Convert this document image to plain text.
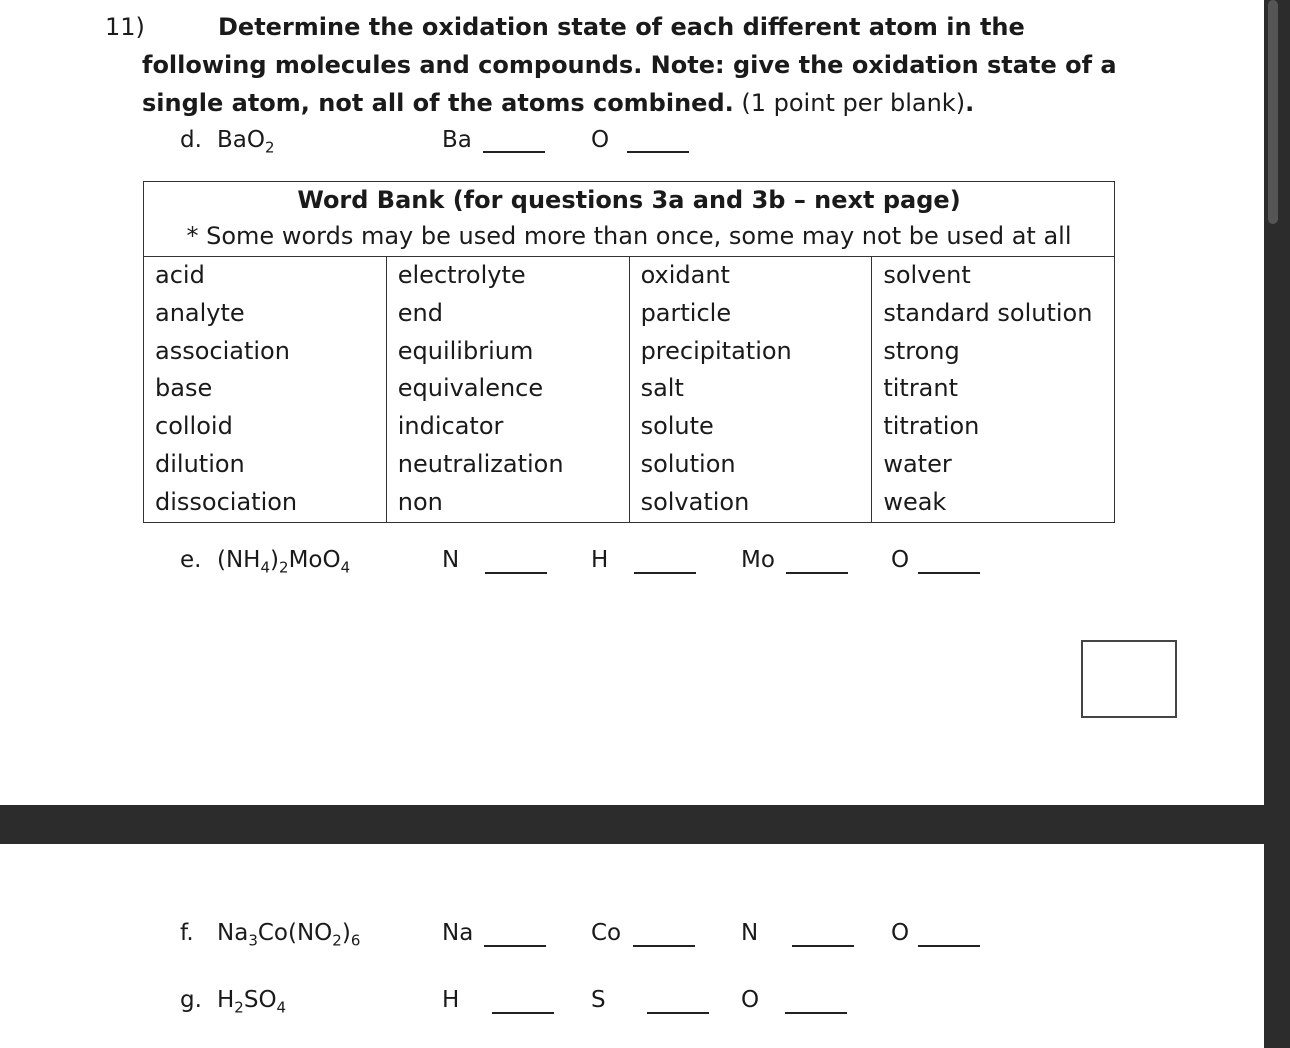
11)	Determine the oxidation state of each different atom in the
following molecules and compounds. Note: give the oxidation state of a
single atom, not all of the atoms combined. (1 point per blank).
d. BaO$_2$	Ba	O
Word Bank (for questions 3a and 3b – next page)
* Some words may be used more than once, some may not be used at all			

acid	electrolyte	oxidant	solvent
analyte	end	particle	standard solution
association	equilibrium	precipitation	strong
base	equivalence	salt	titrant
colloid	indicator	solute	titration
dilution	neutralization	solution	water
dissociation	non	solvation	weak
e. $(NH_4)_2MoO_4$	N	H	Mo	O
f. $Na_3Co(NO_2)_6$	Na	Co	N	O
g. $H_2SO_4$	H	S	O
